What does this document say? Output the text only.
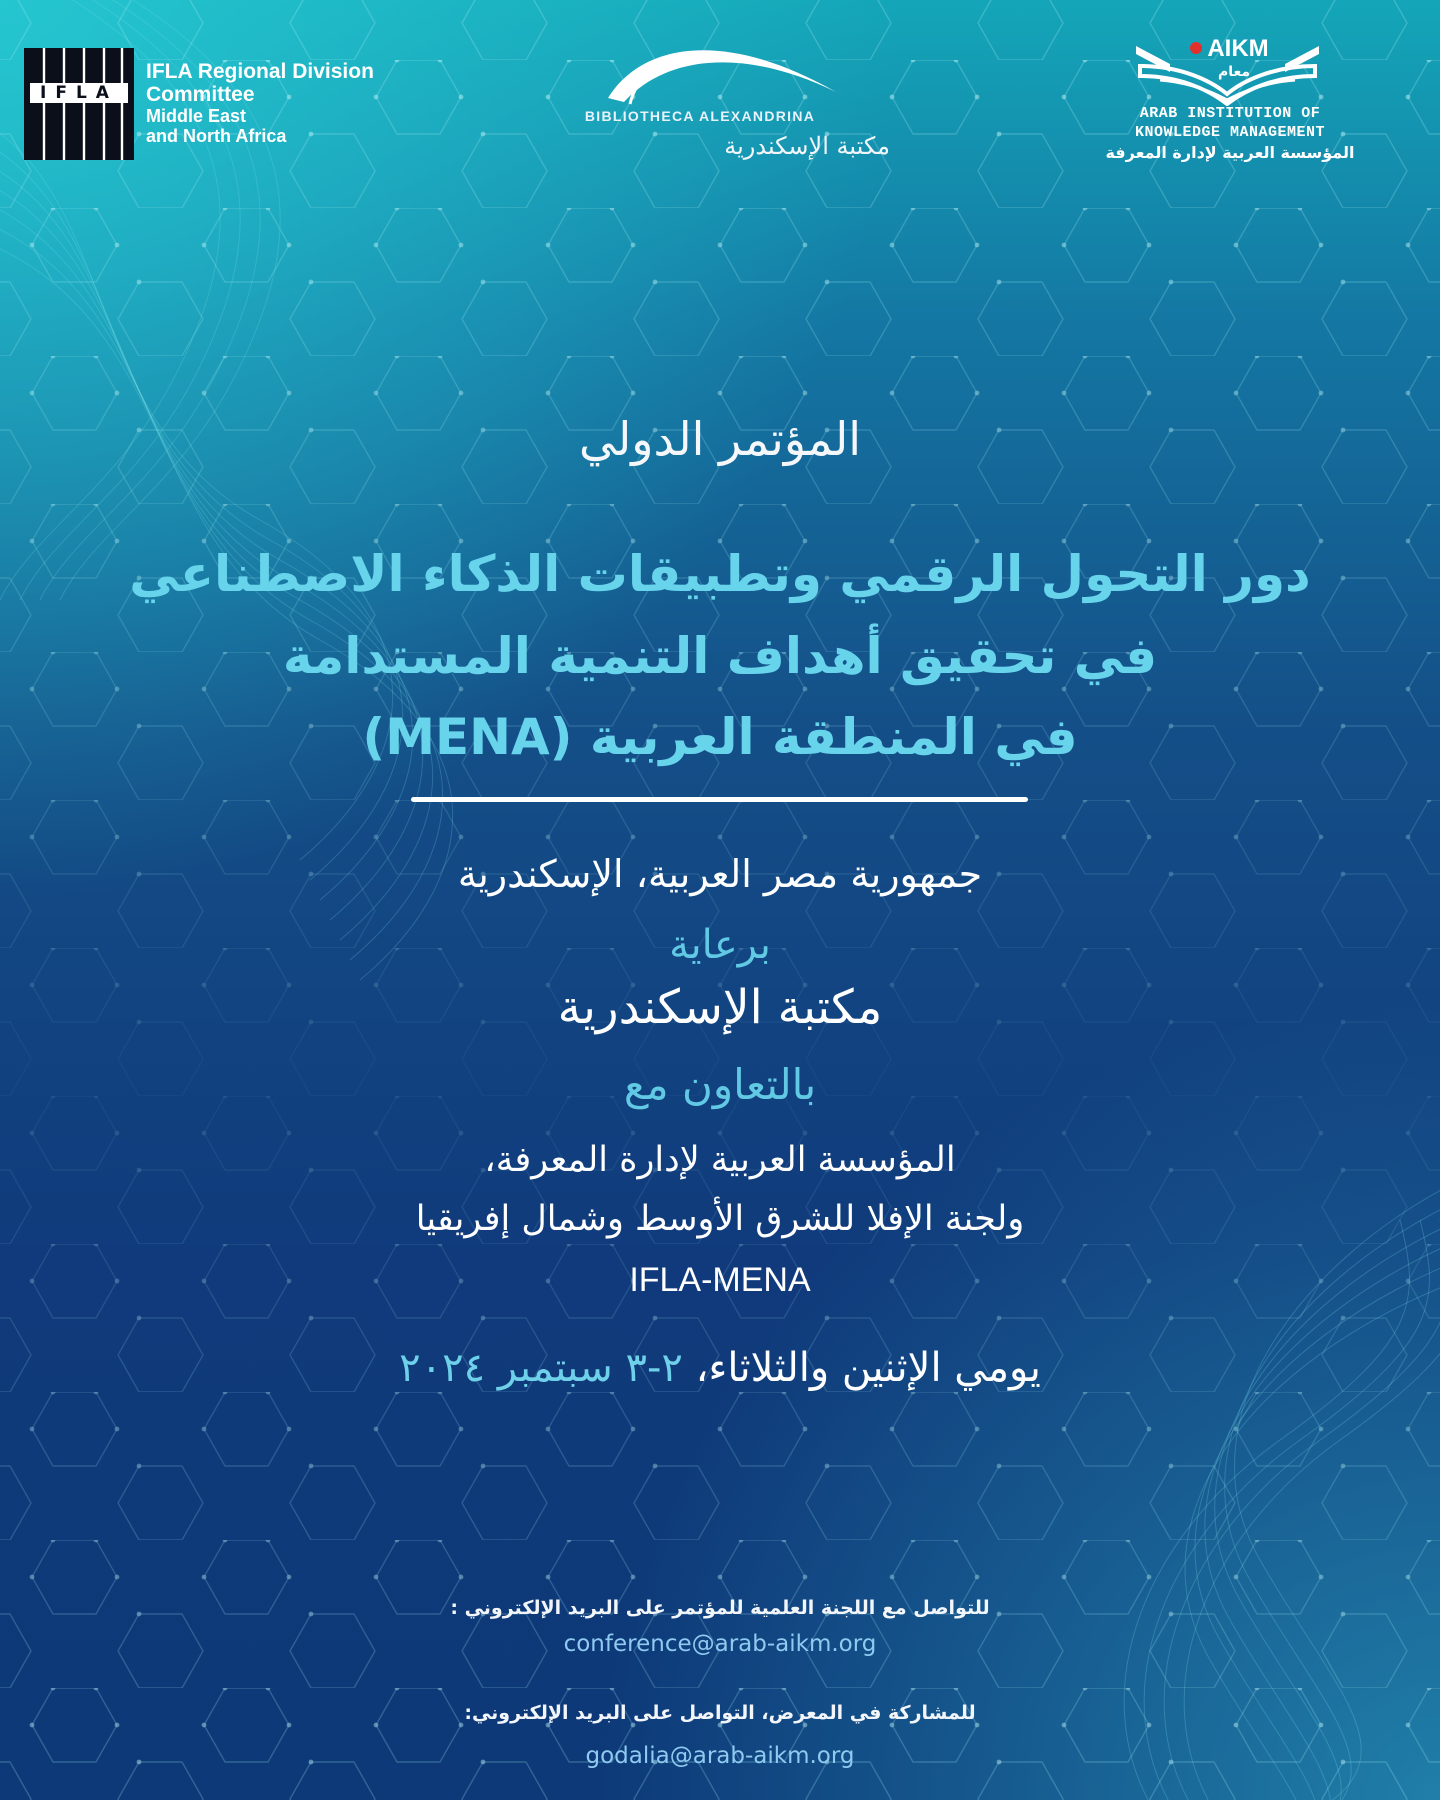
IFLA
IFLA Regional Division
Committee
Middle East
and North Africa
BIBLIOTHECA ALEXANDRINA
مكتبة الإسكندرية
AIKM
معام
ARAB INSTITUTION OF
KNOWLEDGE MANAGEMENT
المؤسسة العربية لإدارة المعرفة
المؤتمر الدولي
دور التحول الرقمي وتطبيقات الذكاء الاصطناعي
في تحقيق أهداف التنمية المستدامة
في المنطقة العربية (MENA)
جمهورية مصر العربية، الإسكندرية
برعاية
مكتبة الإسكندرية
بالتعاون مع
المؤسسة العربية لإدارة المعرفة،
ولجنة الإفلا للشرق الأوسط وشمال إفريقيا
IFLA-MENA
يومي الإثنين والثلاثاء، ٢-٣ سبتمبر ٢٠٢٤
للتواصل مع اللجنة العلمية للمؤتمر على البريد الإلكتروني :
conference@arab-aikm.org
للمشاركة في المعرض، التواصل على البريد الإلكتروني:
godalia@arab-aikm.org
